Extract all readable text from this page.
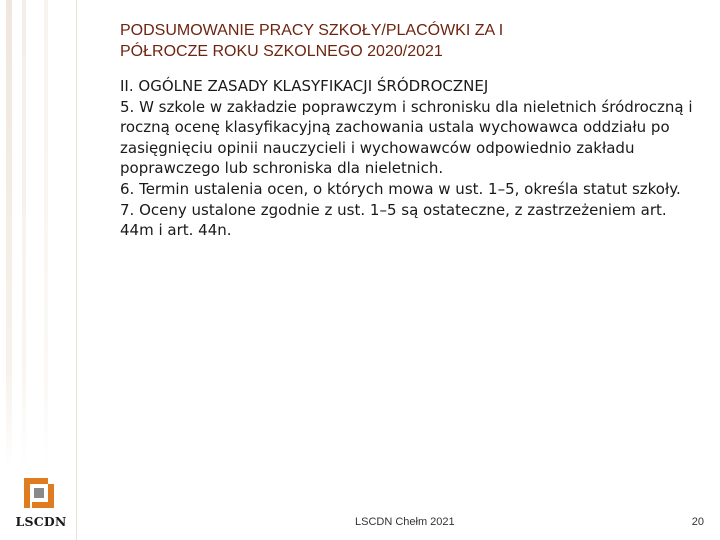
PODSUMOWANIE PRACY SZKOŁY/PLACÓWKI ZA I
PÓŁROCZE ROKU SZKOLNEGO 2020/2021

II. OGÓLNE ZASADY KLASYFIKACJI ŚRÓDROCZNEJ

5. W szkole w zakładzie poprawczym i schronisku dla nieletnich śródroczną i roczną ocenę klasyfikacyjną zachowania ustala wychowawca oddziału po zasięgnięciu opinii nauczycieli i wychowawców odpowiednio zakładu poprawczego lub schroniska dla nieletnich.

6. Termin ustalenia ocen, o których mowa w ust. 1–5, określa statut szkoły.

7. Oceny ustalone zgodnie z ust. 1–5 są ostateczne, z zastrzeżeniem art. 44m i art. 44n.

LSCDN	LSCDN Chełm 2021	20
